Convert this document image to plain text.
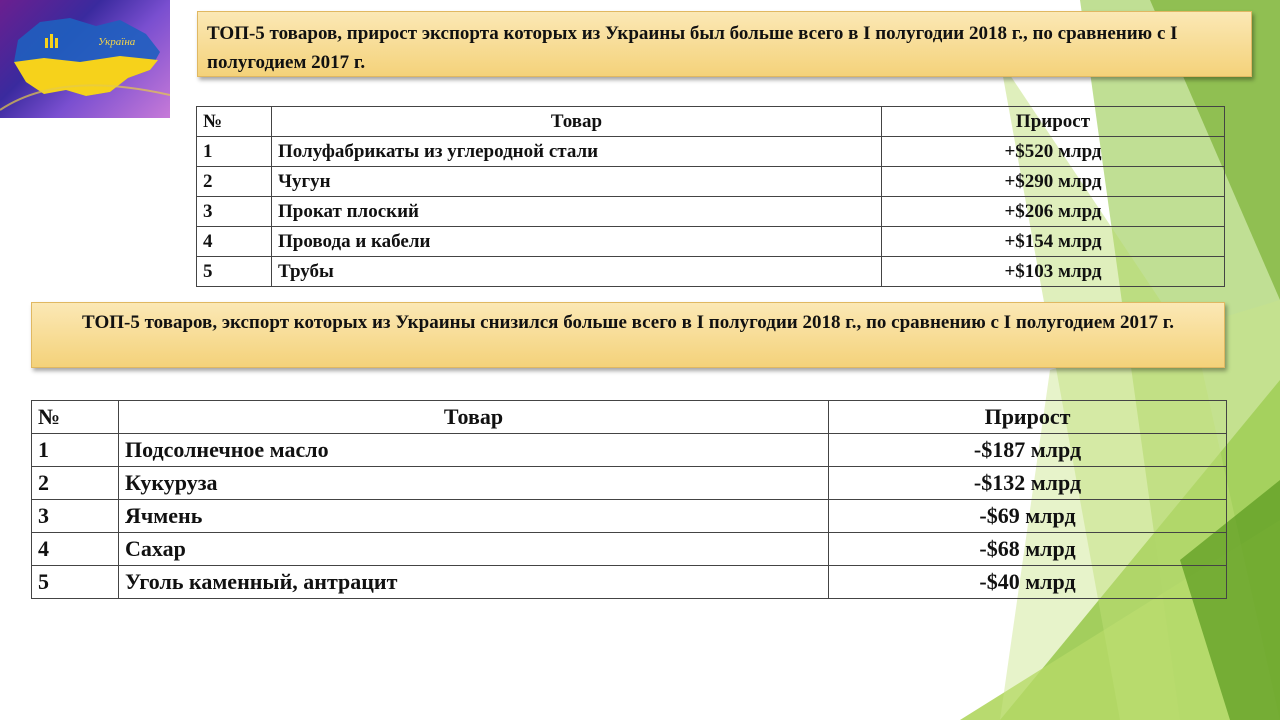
Україна	ТОП-5 товаров, прирост экспорта которых из Украины был больше всего в I полугодии 2018 г., по сравнению с I полугодием 2017 г.
№	Товар	Прирост
1	Полуфабрикаты из углеродной стали	+$520 млрд
2	Чугун	+$290 млрд
3	Прокат плоский	+$206 млрд
4	Провода и кабели	+$154 млрд
5	Трубы	+$103 млрд
ТОП-5 товаров, экспорт которых из Украины снизился больше всего в I полугодии 2018 г., по сравнению с I полугодием 2017 г.
№	Товар	Прирост
1	Подсолнечное масло	-$187 млрд
2	Кукуруза	-$132 млрд
3	Ячмень	-$69 млрд
4	Сахар	-$68 млрд
5	Уголь каменный, антрацит	-$40 млрд
